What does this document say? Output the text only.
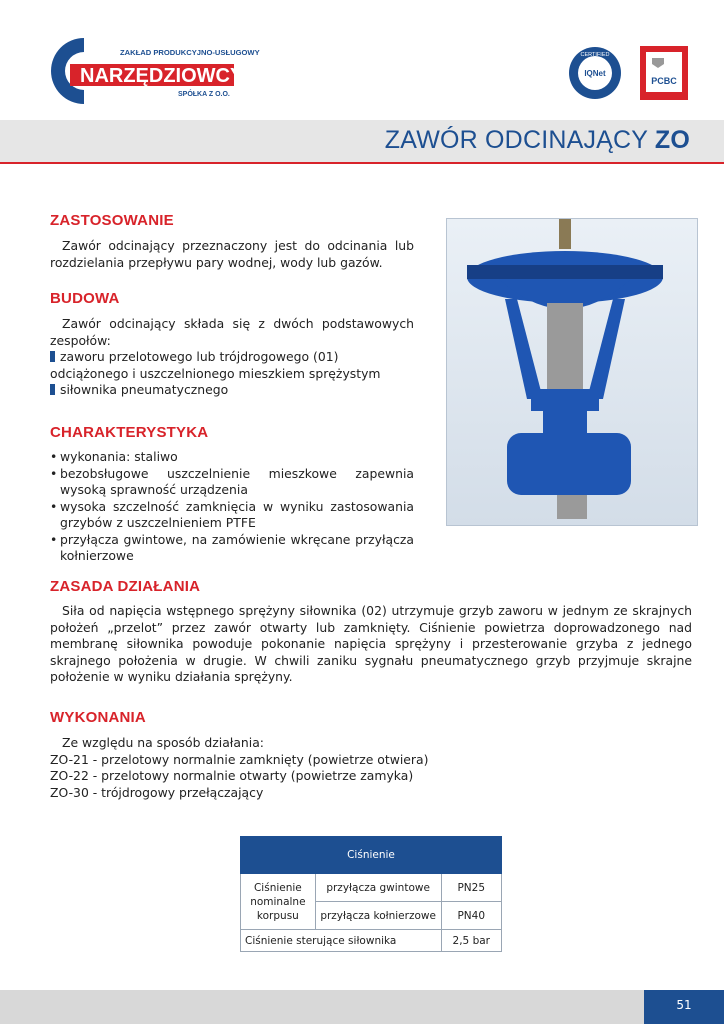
ZAKŁAD PRODUKCYJNO-USŁUGOWY
NARZĘDZIOWCY
SPÓŁKA Z O.O.
CERTIFIED
IQNet
PCBC
ZAWÓR ODCINAJĄCY ZO
ZASTOSOWANIE
Zawór odcinający przeznaczony jest do odcinania lub rozdzielania przepływu pary wodnej, wody lub gazów.
BUDOWA
Zawór odcinający składa się z dwóch podstawowych zespołów:
zaworu przelotowego lub trójdrogowego (01) odciążonego i uszczelnionego mieszkiem sprężystym
siłownika pneumatycznego
CHARAKTERYSTYKA
• wykonania: staliwo
• bezobsługowe uszczelnienie mieszkowe zapewnia wysoką sprawność urządzenia
• wysoka szczelność zamknięcia w wyniku zastosowania grzybów z uszczelnieniem PTFE
• przyłącza gwintowe, na zamówienie wkręcane przyłącza kołnierzowe
ZASADA DZIAŁANIA
Siła od napięcia wstępnego sprężyny siłownika (02) utrzymuje grzyb zaworu w jednym ze skrajnych położeń „przelot” przez zawór otwarty lub zamknięty. Ciśnienie powietrza doprowadzonego nad membranę siłownika powoduje pokonanie napięcia sprężyny i przesterowanie grzyba z jednego skrajnego położenia w drugie. W chwili zaniku sygnału pneumatycznego grzyb przyjmuje skrajne położenie w wyniku działania sprężyny.
WYKONANIA
Ze względu na sposób działania:
ZO-21 - przelotowy normalnie zamknięty (powietrze otwiera)
ZO-22 - przelotowy normalnie otwarty (powietrze zamyka)
ZO-30 - trójdrogowy przełączający
Ciśnienie		
Ciśnienie nominalne korpusu	przyłącza gwintowe	PN25
	przyłącza kołnierzowe	PN40
Ciśnienie sterujące siłownika		2,5 bar
51
